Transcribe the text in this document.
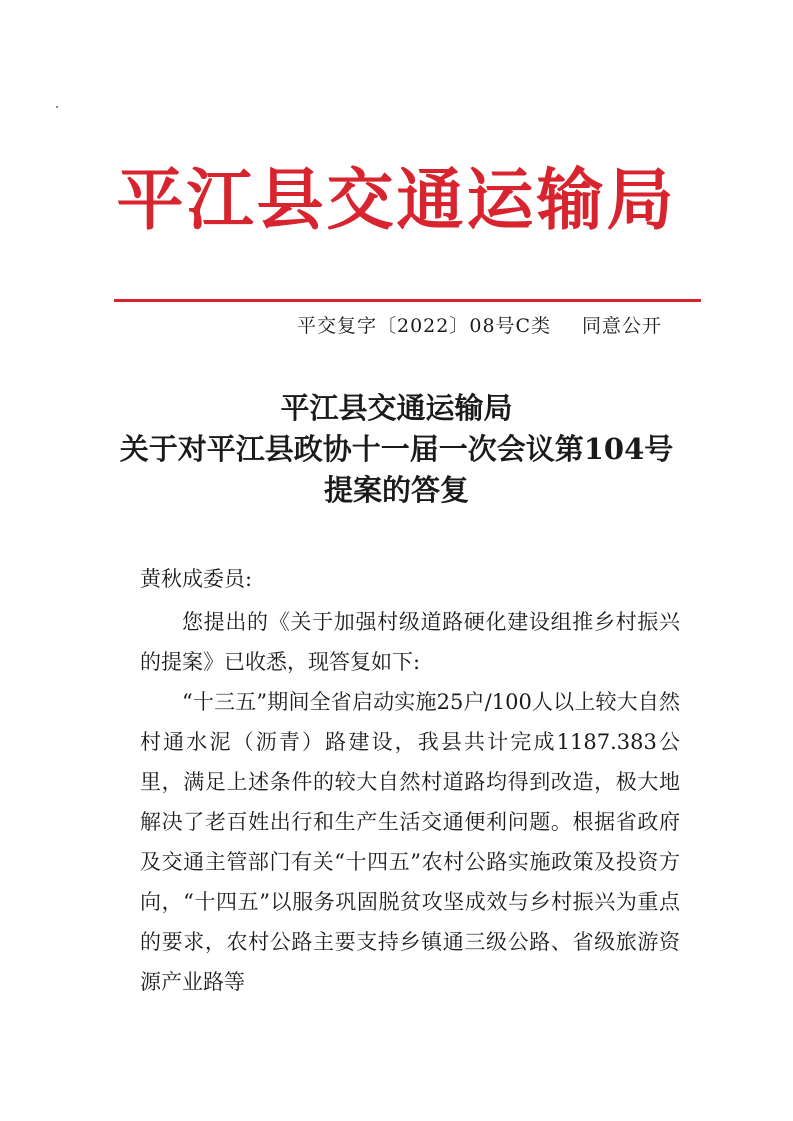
平江县交通运输局

平交复字〔2022〕08号C类

同意公开

平江县交通运输局
关于对平江县政协十一届一次会议第104号
提案的答复
黄秋成委员:

您提出的《关于加强村级道路硬化建设组推乡村振兴的提案》已收悉，现答复如下:

“十三五”期间全省启动实施25户/100人以上较大自然村通水泥（沥青）路建设，我县共计完成1187.383公里，满足上述条件的较大自然村道路均得到改造，极大地解决了老百姓出行和生产生活交通便利问题。根据省政府及交通主管部门有关“十四五”农村公路实施政策及投资方向，“十四五”以服务巩固脱贫攻坚成效与乡村振兴为重点的要求，农村公路主要支持乡镇通三级公路、省级旅游资源产业路等
